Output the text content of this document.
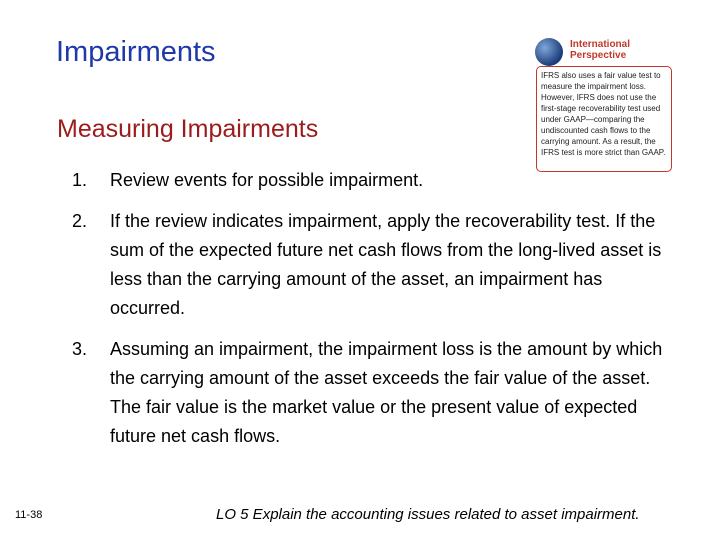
Impairments
Measuring Impairments
International
Perspective
IFRS also uses a fair value test to measure the impairment loss. However, IFRS does not use the first-stage recoverability test used under GAAP—comparing the undiscounted cash flows to the carrying amount. As a result, the IFRS test is more strict than GAAP.
1.	Review events for possible impairment.
2.	If the review indicates impairment, apply the recoverability test. If the sum of the expected future net cash flows from the long-lived asset is less than the carrying amount of the asset, an impairment has occurred.
3.	Assuming an impairment, the impairment loss is the amount by which the carrying amount of the asset exceeds the fair value of the asset. The fair value is the market value or the present value of expected future net cash flows.
11-38	LO 5 Explain the accounting issues related to asset impairment.
